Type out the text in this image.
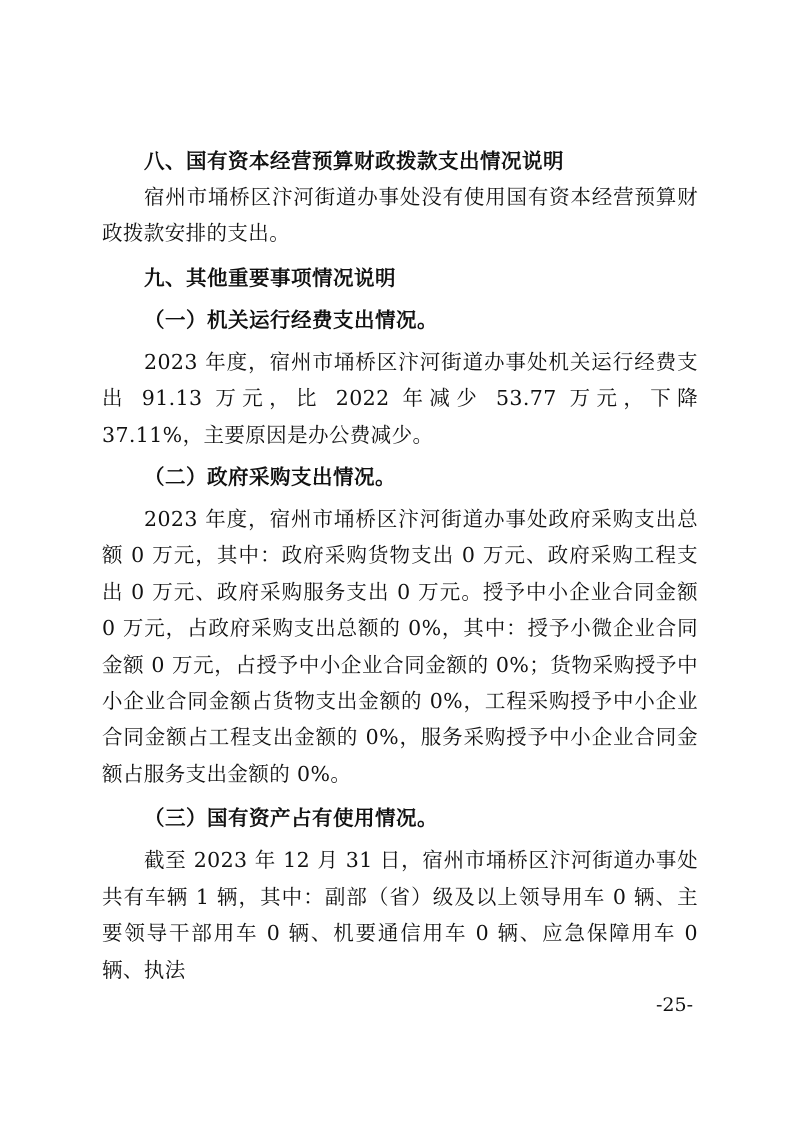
八、国有资本经营预算财政拨款支出情况说明

宿州市埇桥区汴河街道办事处没有使用国有资本经营预算财政拨款安排的支出。

九、其他重要事项情况说明

（一）机关运行经费支出情况。

2023 年度，宿州市埇桥区汴河街道办事处机关运行经费支出 91.13 万元，比 2022 年减少 53.77 万元，下降 37.11%，主要原因是办公费减少。

（二）政府采购支出情况。

2023 年度，宿州市埇桥区汴河街道办事处政府采购支出总额 0 万元，其中：政府采购货物支出 0 万元、政府采购工程支出 0 万元、政府采购服务支出 0 万元。授予中小企业合同金额 0 万元，占政府采购支出总额的 0%，其中：授予小微企业合同金额 0 万元，占授予中小企业合同金额的 0%；货物采购授予中小企业合同金额占货物支出金额的 0%，工程采购授予中小企业合同金额占工程支出金额的 0%，服务采购授予中小企业合同金额占服务支出金额的 0%。

（三）国有资产占有使用情况。

截至 2023 年 12 月 31 日，宿州市埇桥区汴河街道办事处共有车辆 1 辆，其中：副部（省）级及以上领导用车 0 辆、主要领导干部用车 0 辆、机要通信用车 0 辆、应急保障用车 0 辆、执法

-25-
